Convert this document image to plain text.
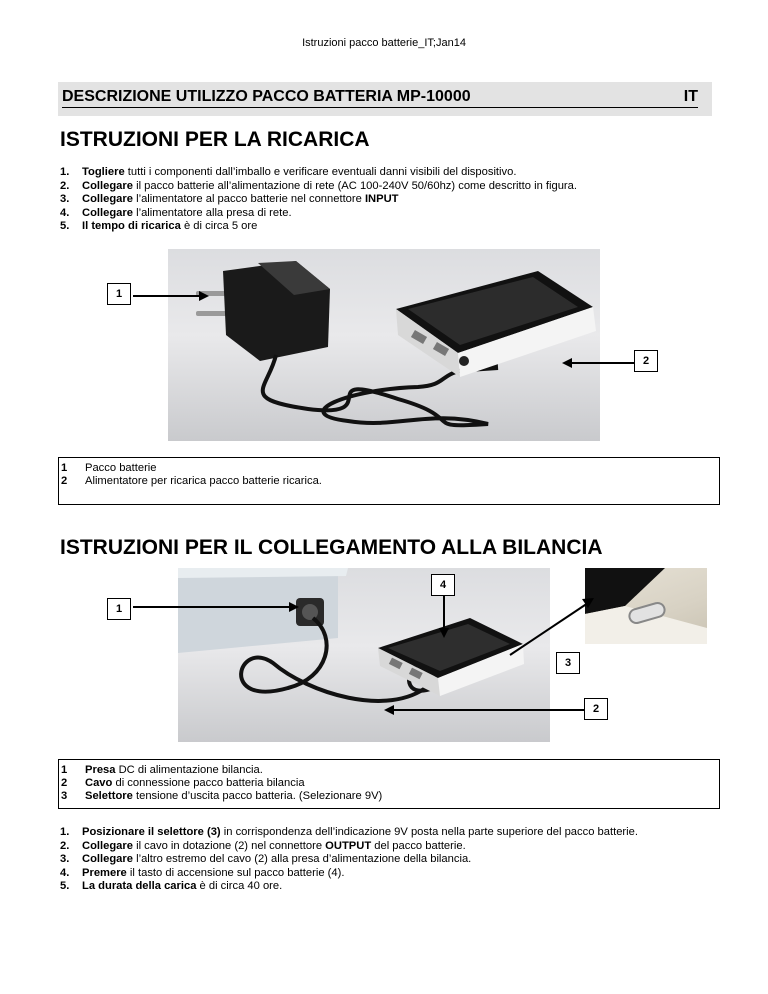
Istruzioni pacco batterie_IT;Jan14
DESCRIZIONE UTILIZZO PACCO BATTERIA MP-10000	IT
ISTRUZIONI PER LA RICARICA
1.	Togliere tutti i componenti dall’imballo e verificare eventuali danni visibili del dispositivo.
2.	Collegare il pacco batterie all’alimentazione di rete (AC 100-240V 50/60hz) come descritto in figura.
3.	Collegare l’alimentatore al pacco batterie nel connettore INPUT
4.	Collegare l’alimentatore alla presa di rete.
5.	Il tempo di ricarica è di circa 5 ore
1
2
1	Pacco batterie
2	Alimentatore per ricarica pacco batterie ricarica.
ISTRUZIONI PER IL COLLEGAMENTO ALLA BILANCIA
4
1
3
2
1	Presa DC di alimentazione bilancia.
2	Cavo di connessione pacco batteria bilancia
3	Selettore tensione d’uscita pacco batteria. (Selezionare 9V)
1.	Posizionare il selettore (3) in corrispondenza dell’indicazione 9V posta nella parte superiore del pacco batterie.
2.	Collegare il cavo in dotazione (2) nel connettore OUTPUT del pacco batterie.
3.	Collegare l’altro estremo del cavo (2) alla presa d’alimentazione della bilancia.
4.	Premere il tasto di accensione sul pacco batterie (4).
5.	La durata della carica è di circa 40 ore.
